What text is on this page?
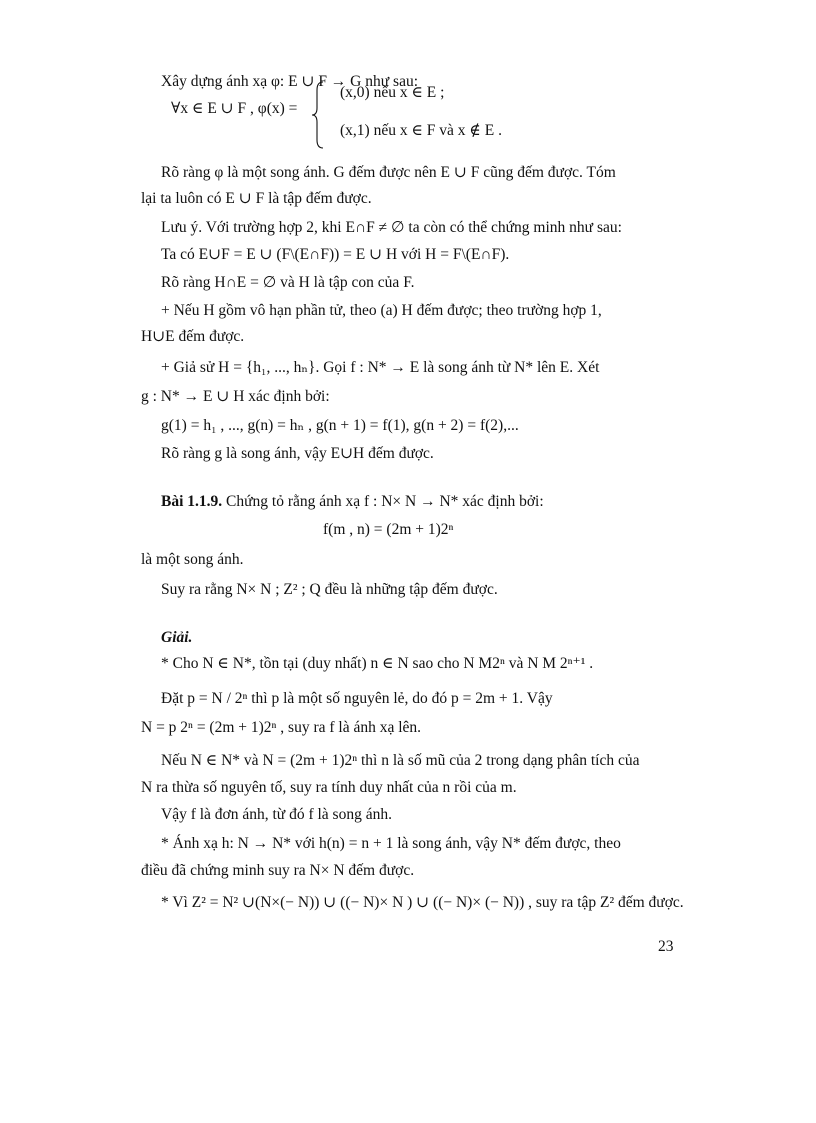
Xây dựng ánh xạ φ: E ∪ F → G như sau:
∀x ∈ E ∪ F , φ(x) =
(x,0) nếu x ∈ E ;
(x,1) nếu x ∈ F và x ∉ E .
Rõ ràng φ là một song ánh. G đếm được nên E ∪ F cũng đếm được. Tóm
lại ta luôn có E ∪ F là tập đếm được.
Lưu ý. Với trường hợp 2, khi E∩F ≠ ∅ ta còn có thể chứng minh như sau:
Ta có E∪F = E ∪ (F\(E∩F)) = E ∪ H với H = F\(E∩F).
Rõ ràng H∩E = ∅ và H là tập con của F.
+ Nếu H gồm vô hạn phần tử, theo (a) H đếm được; theo trường hợp 1,
H∪E đếm được.
+ Giả sử H = {h₁, ..., hₙ}. Gọi f : N* → E là song ánh từ N* lên E. Xét
g : N* → E ∪ H xác định bởi:
g(1) = h₁ , ..., g(n) = hₙ , g(n + 1) = f(1), g(n + 2) = f(2),...
Rõ ràng g là song ánh, vậy E∪H đếm được.
Bài 1.1.9. Chứng tỏ rằng ánh xạ f : N× N → N* xác định bởi:
f(m , n) = (2m + 1)2ⁿ
là một song ánh.
Suy ra rằng N× N ; Z² ; Q đều là những tập đếm được.
Giải.
* Cho N ∈ N*, tồn tại (duy nhất) n ∈ N sao cho N M2ⁿ và N M 2ⁿ⁺¹ .
Đặt p = N / 2ⁿ thì p là một số nguyên lẻ, do đó p = 2m + 1. Vậy
N = p 2ⁿ = (2m + 1)2ⁿ , suy ra f là ánh xạ lên.
Nếu N ∈ N* và N = (2m + 1)2ⁿ thì n là số mũ của 2 trong dạng phân tích của
N ra thừa số nguyên tố, suy ra tính duy nhất của n rồi của m.
Vậy f là đơn ánh, từ đó f là song ánh.
* Ánh xạ h: N → N* với h(n) = n + 1 là song ánh, vậy N* đếm được, theo
điều đã chứng minh suy ra N× N đếm được.
* Vì Z² = N² ∪(N×(− N)) ∪ ((− N)× N ) ∪ ((− N)× (− N)) , suy ra tập Z² đếm được.
23
